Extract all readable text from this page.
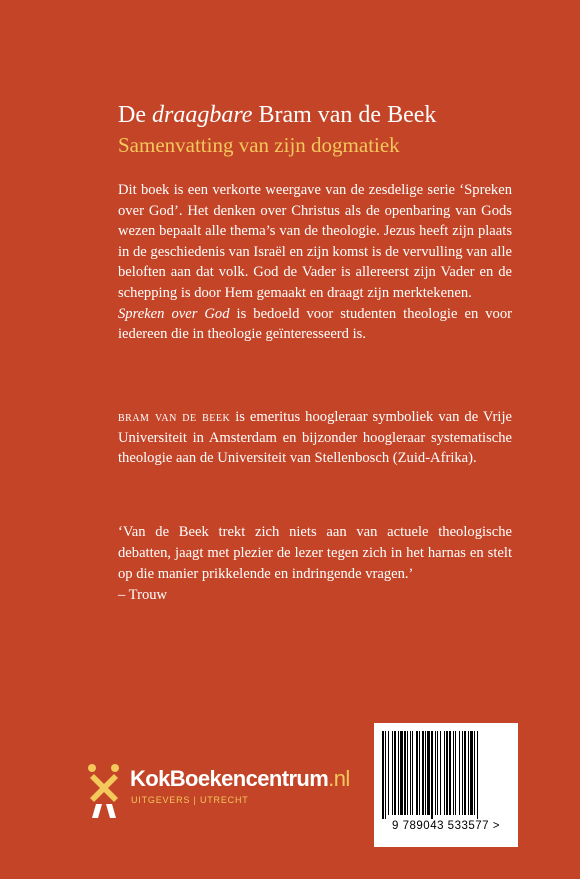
De draagbare Bram van de Beek
Samenvatting van zijn dogmatiek

Dit boek is een verkorte weergave van de zesdelige serie ‘Spreken over God’. Het denken over Christus als de openbaring van Gods wezen bepaalt alle thema’s van de theologie. Jezus heeft zijn plaats in de geschiedenis van Israël en zijn komst is de vervulling van alle beloften aan dat volk. God de Vader is allereerst zijn Vader en de schepping is door Hem gemaakt en draagt zijn merktekenen.

Spreken over God is bedoeld voor studenten theologie en voor iedereen die in theologie geïnteresseerd is.

bram van de beek is emeritus hoogleraar symboliek van de Vrije Universiteit in Amsterdam en bijzonder hoogleraar systematische theologie aan de Universiteit van Stellenbosch (Zuid-Afrika).

‘Van de Beek trekt zich niets aan van actuele theologische debatten, jaagt met plezier de lezer tegen zich in het harnas en stelt op die manier prikkelende en indringende vragen.’
– Trouw
KokBoekencentrum.nl
UITGEVERS | UTRECHT
9 789043 533577 >
